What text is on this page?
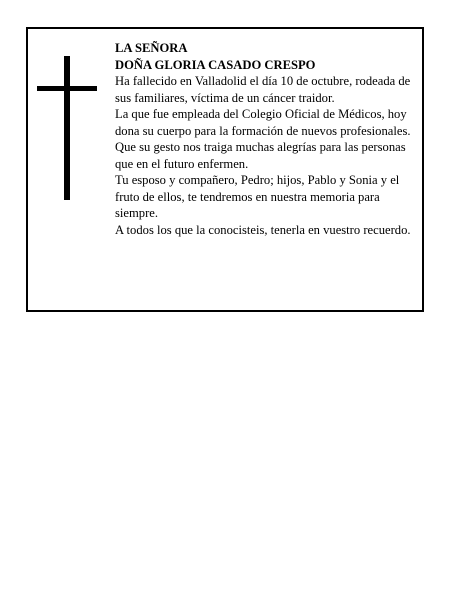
LA SEÑORA

DOÑA GLORIA CASADO CRESPO

Ha fallecido en Valladolid el día 10 de octubre, rodeada de sus familiares, víctima de un cáncer traidor.

La que fue empleada del Colegio Oficial de Médicos, hoy dona su cuerpo para la formación de nuevos profesionales. Que su gesto nos traiga muchas alegrías para las personas que en el futuro enfermen.

Tu esposo y compañero, Pedro; hijos, Pablo y Sonia y el fruto de ellos, te tendremos en nuestra memoria para siempre.

A todos los que la conocisteis, tenerla en vuestro recuerdo.
